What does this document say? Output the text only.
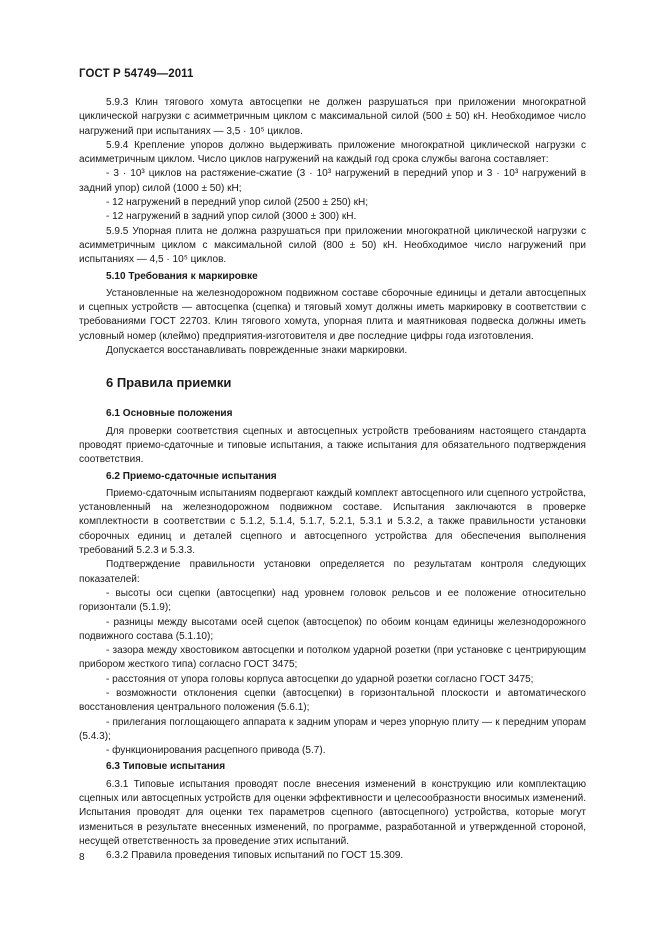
ГОСТ Р 54749—2011

5.9.3 Клин тягового хомута автосцепки не должен разрушаться при приложении многократной циклической нагрузки с асимметричным циклом с максимальной силой (500 ± 50) кН. Необходимое число нагружений при испытаниях — 3,5 · 10⁵ циклов.

5.9.4 Крепление упоров должно выдерживать приложение многократной циклической нагрузки с асимметричным циклом. Число циклов нагружений на каждый год срока службы вагона составляет:

- 3 · 10³ циклов на растяжение-сжатие (3 · 10³ нагружений в передний упор и 3 · 10³ нагружений в задний упор) силой (1000 ± 50) кН;

- 12 нагружений в передний упор силой (2500 ± 250) кН;

- 12 нагружений в задний упор силой (3000 ± 300) кН.

5.9.5 Упорная плита не должна разрушаться при приложении многократной циклической нагрузки с асимметричным циклом с максимальной силой (800 ± 50) кН. Необходимое число нагружений при испытаниях — 4,5 · 10⁵ циклов.

5.10 Требования к маркировке

Установленные на железнодорожном подвижном составе сборочные единицы и детали автосцепных и сцепных устройств — автосцепка (сцепка) и тяговый хомут должны иметь маркировку в соответствии с требованиями ГОСТ 22703. Клин тягового хомута, упорная плита и маятниковая подвеска должны иметь условный номер (клеймо) предприятия-изготовителя и две последние цифры года изготовления.

Допускается восстанавливать поврежденные знаки маркировки.

6 Правила приемки

6.1 Основные положения

Для проверки соответствия сцепных и автосцепных устройств требованиям настоящего стандарта проводят приемо-сдаточные и типовые испытания, а также испытания для обязательного подтверждения соответствия.

6.2 Приемо-сдаточные испытания

Приемо-сдаточным испытаниям подвергают каждый комплект автосцепного или сцепного устройства, установленный на железнодорожном подвижном составе. Испытания заключаются в проверке комплектности в соответствии с 5.1.2, 5.1.4, 5.1.7, 5.2.1, 5.3.1 и 5.3.2, а также правильности установки сборочных единиц и деталей сцепного и автосцепного устройства для обеспечения выполнения требований 5.2.3 и 5.3.3.

Подтверждение правильности установки определяется по результатам контроля следующих показателей:

- высоты оси сцепки (автосцепки) над уровнем головок рельсов и ее положение относительно горизонтали (5.1.9);

- разницы между высотами осей сцепок (автосцепок) по обоим концам единицы железнодорожного подвижного состава (5.1.10);

- зазора между хвостовиком автосцепки и потолком ударной розетки (при установке с центрирующим прибором жесткого типа) согласно ГОСТ 3475;

- расстояния от упора головы корпуса автосцепки до ударной розетки согласно ГОСТ 3475;

- возможности отклонения сцепки (автосцепки) в горизонтальной плоскости и автоматического восстановления центрального положения (5.6.1);

- прилегания поглощающего аппарата к задним упорам и через упорную плиту — к передним упорам (5.4.3);

- функционирования расцепного привода (5.7).

6.3 Типовые испытания

6.3.1 Типовые испытания проводят после внесения изменений в конструкцию или комплектацию сцепных или автосцепных устройств для оценки эффективности и целесообразности вносимых изменений. Испытания проводят для оценки тех параметров сцепного (автосцепного) устройства, которые могут измениться в результате внесенных изменений, по программе, разработанной и утвержденной стороной, несущей ответственность за проведение этих испытаний.

6.3.2 Правила проведения типовых испытаний по ГОСТ 15.309.

8
